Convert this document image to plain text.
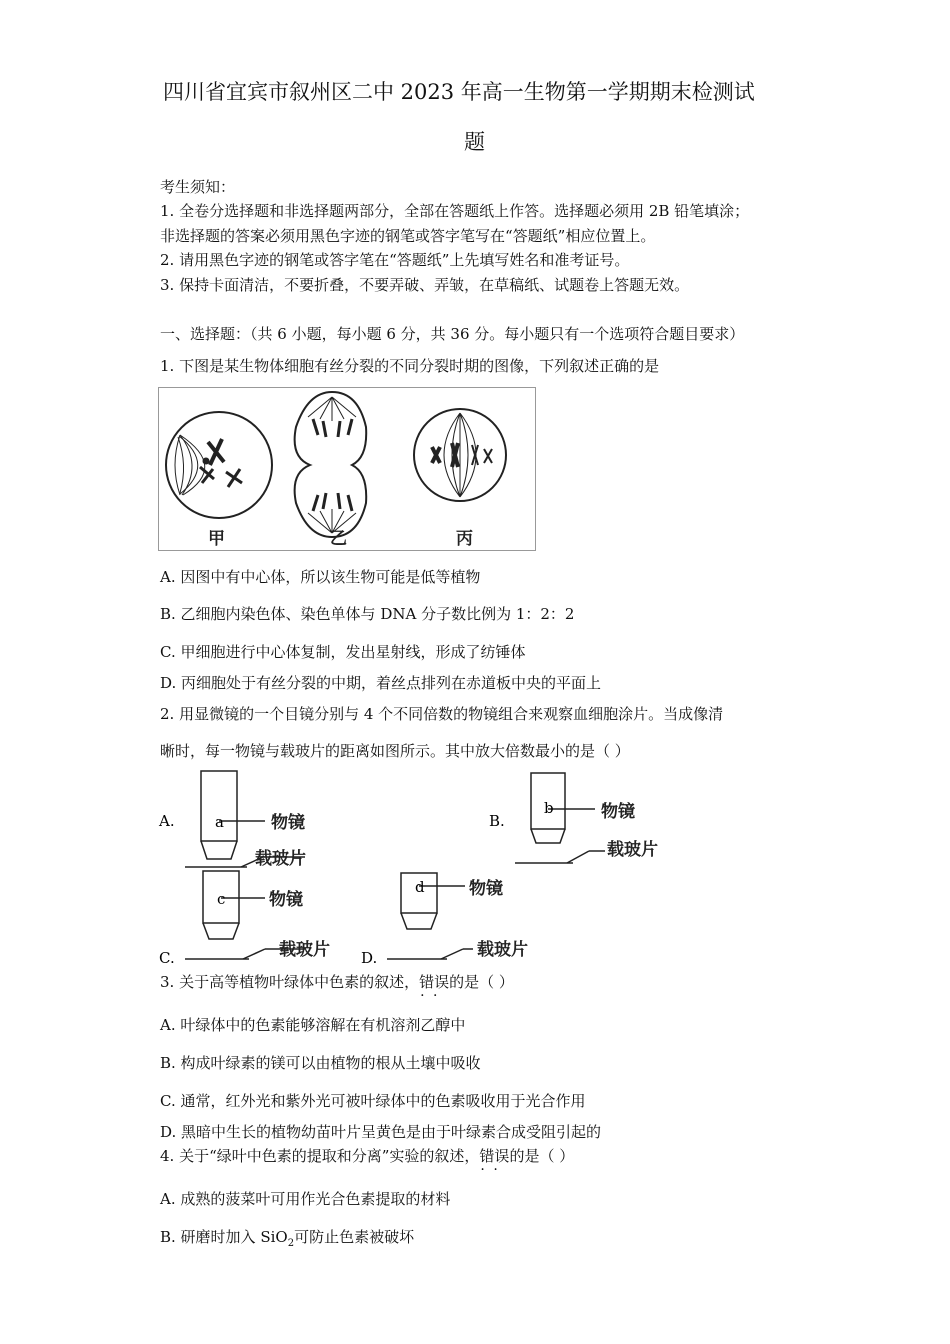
四川省宜宾市叙州区二中 2023 年高一生物第一学期期末检测试
题
考生须知：
1. 全卷分选择题和非选择题两部分，全部在答题纸上作答。选择题必须用 2B 铅笔填涂；
非选择题的答案必须用黑色字迹的钢笔或答字笔写在“答题纸”相应位置上。
2. 请用黑色字迹的钢笔或答字笔在“答题纸”上先填写姓名和准考证号。
3. 保持卡面清洁，不要折叠，不要弄破、弄皱，在草稿纸、试题卷上答题无效。
一、选择题：（共 6 小题，每小题 6 分，共 36 分。每小题只有一个选项符合题目要求）
1. 下图是某生物体细胞有丝分裂的不同分裂时期的图像，下列叙述正确的是
甲	乙	丙
A. 因图中有中心体，所以该生物可能是低等植物
B. 乙细胞内染色体、染色单体与 DNA 分子数比例为 1：2：2
C. 甲细胞进行中心体复制，发出星射线，形成了纺锤体
D. 丙细胞处于有丝分裂的中期，着丝点排列在赤道板中央的平面上
2. 用显微镜的一个目镜分别与 4 个不同倍数的物镜组合来观察血细胞涂片。当成像清
晰时，每一物镜与载玻片的距离如图所示。其中放大倍数最小的是（ ）
A.	a	物镜
载玻片
B.
b	物镜
载玻片
C.
c	物镜
载玻片 D.
d	物镜
载玻片
3. 关于高等植物叶绿体中色素的叙述，错误 · ·的是（ ）
A. 叶绿体中的色素能够溶解在有机溶剂乙醇中
B. 构成叶绿素的镁可以由植物的根从土壤中吸收
C. 通常，红外光和紫外光可被叶绿体中的色素吸收用于光合作用
D. 黑暗中生长的植物幼苗叶片呈黄色是由于叶绿素合成受阻引起的
4. 关于“绿叶中色素的提取和分离”实验的叙述，错误 · ·的是（ ）
A. 成熟的菠菜叶可用作光合色素提取的材料
B. 研磨时加入 SiO$_2$可防止色素被破坏
